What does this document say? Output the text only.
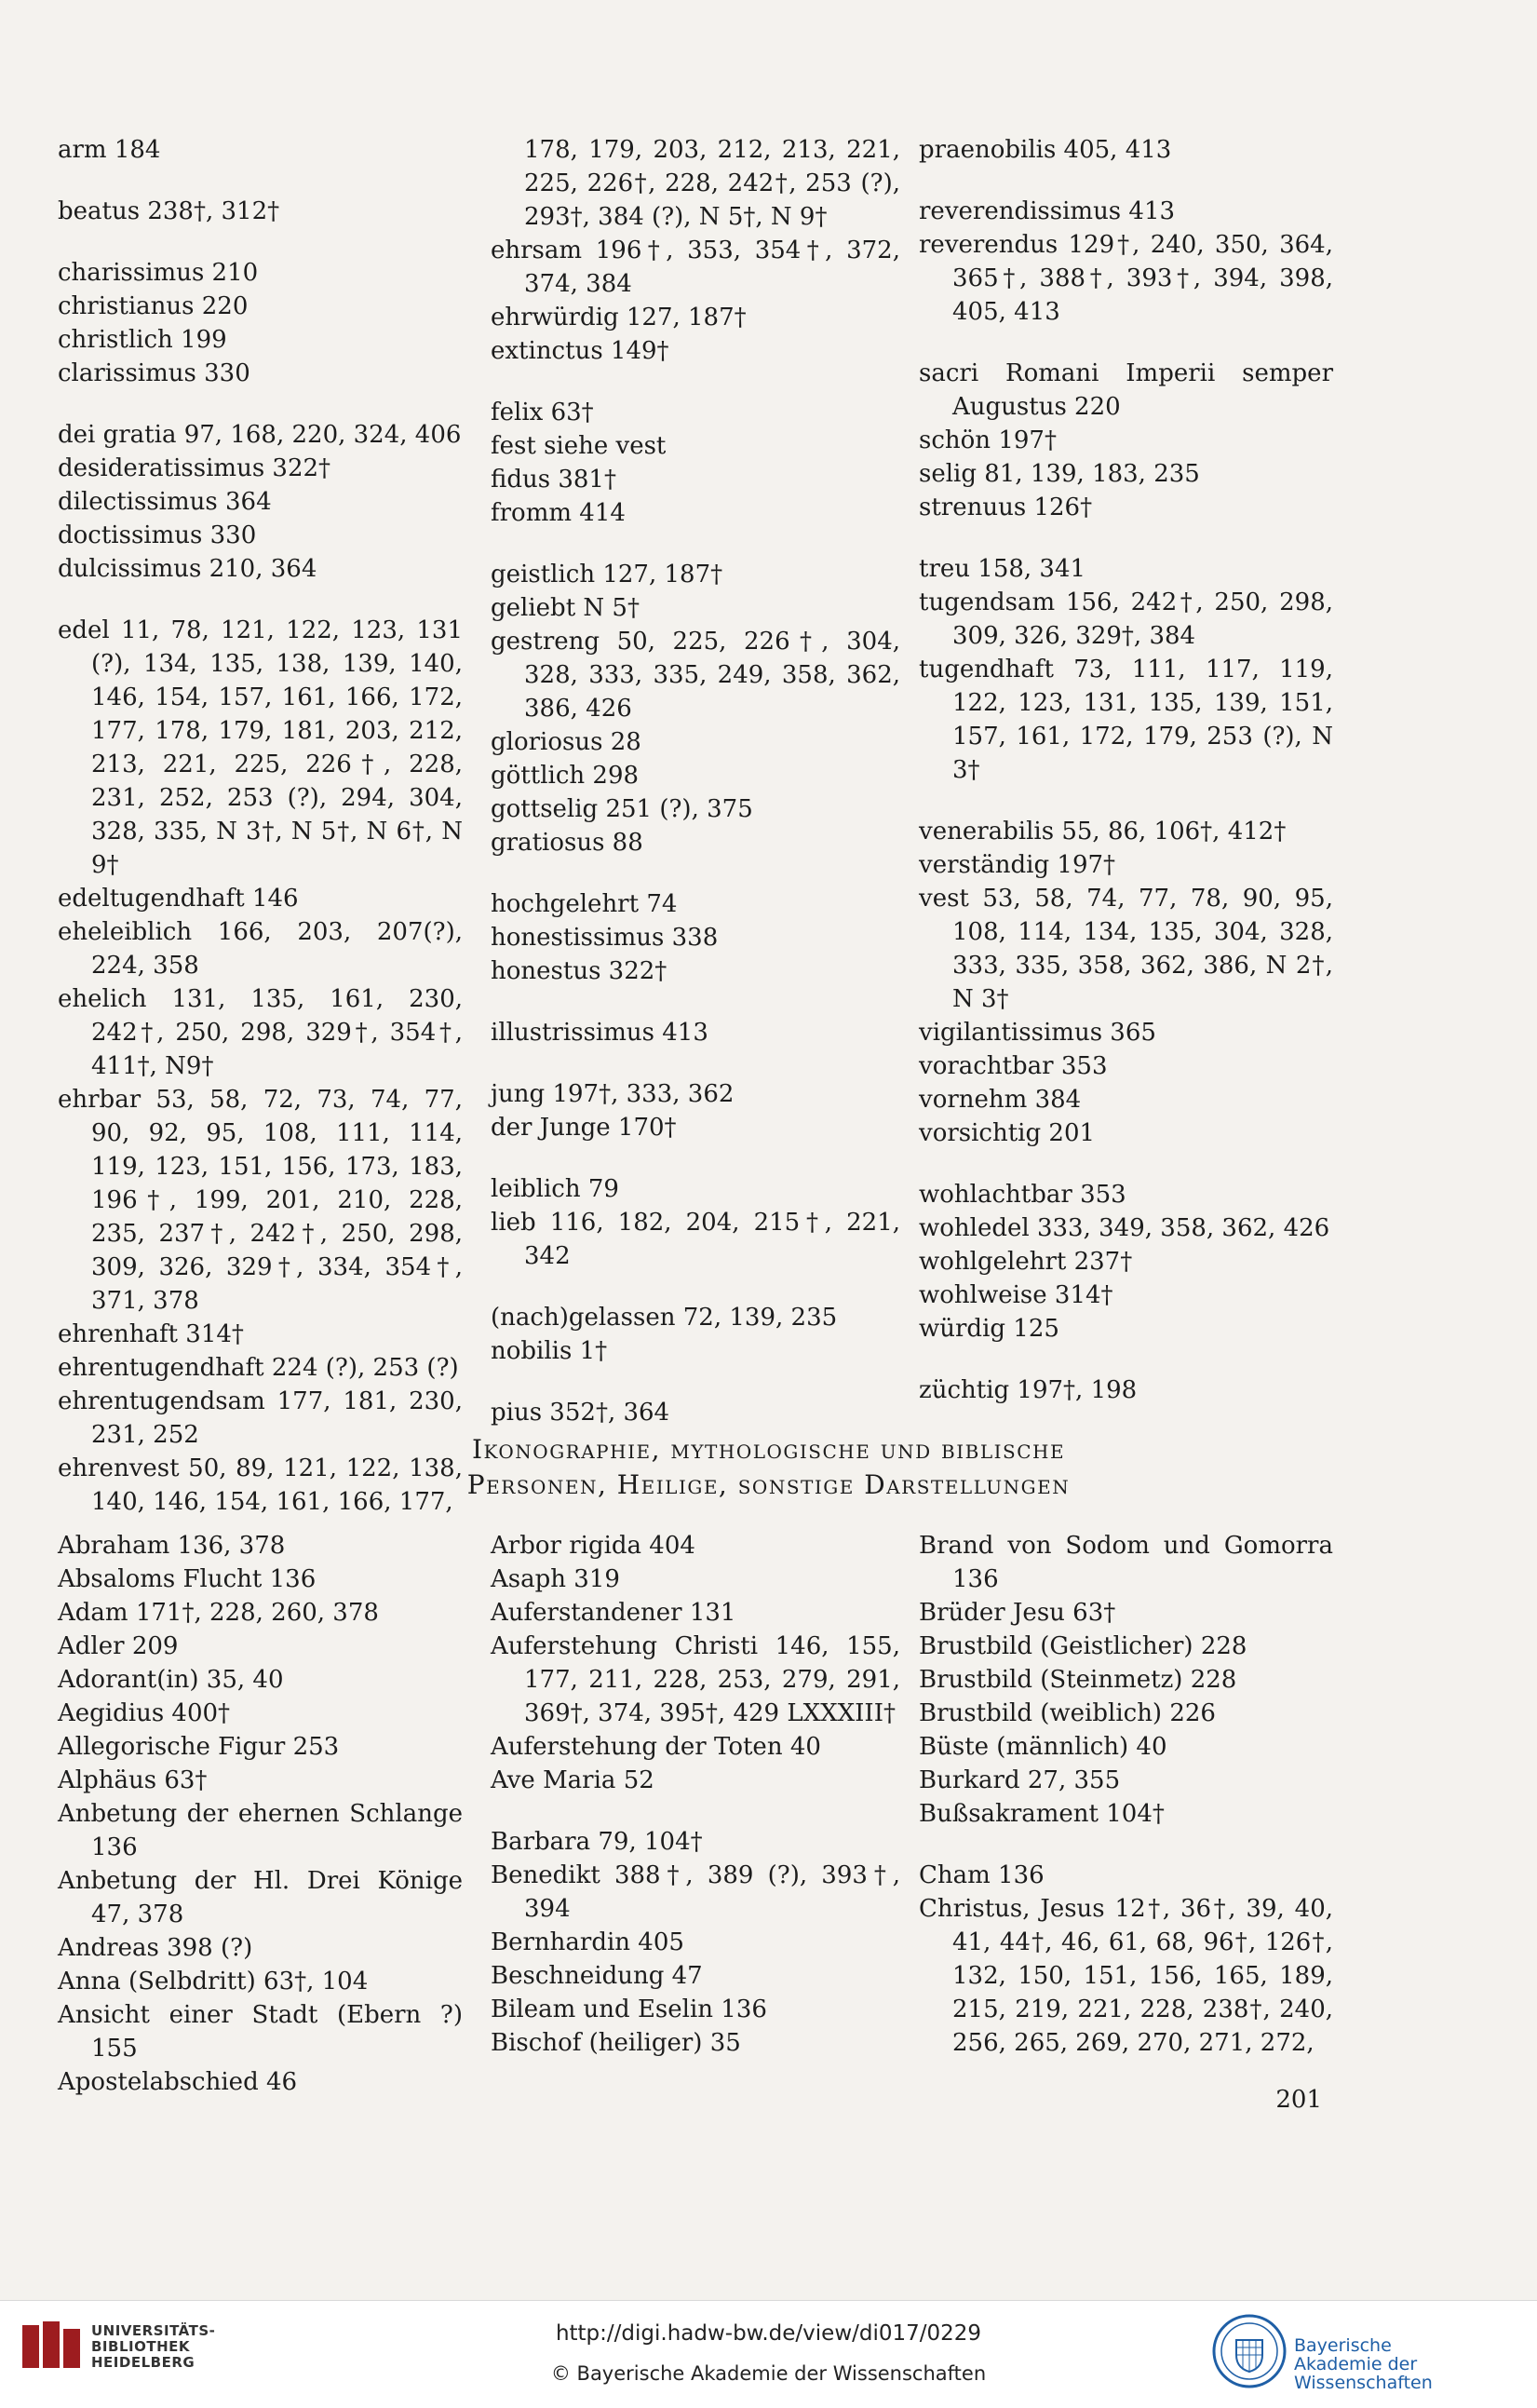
arm 184
beatus 238†, 312†
charissimus 210
christianus 220
christlich 199
clarissimus 330
dei gratia 97, 168, 220, 324, 406
desideratissimus 322†
dilectissimus 364
doctissimus 330
dulcissimus 210, 364
edel 11, 78, 121, 122, 123, 131 (?), 134, 135, 138, 139, 140, 146, 154, 157, 161, 166, 172, 177, 178, 179, 181, 203, 212, 213, 221, 225, 226†, 228, 231, 252, 253 (?), 294, 304, 328, 335, N 3†, N 5†, N 6†, N 9†
edeltugendhaft 146
eheleiblich 166, 203, 207(?), 224, 358
ehelich 131, 135, 161, 230, 242†, 250, 298, 329†, 354†, 411†, N9†
ehrbar 53, 58, 72, 73, 74, 77, 90, 92, 95, 108, 111, 114, 119, 123, 151, 156, 173, 183, 196†, 199, 201, 210, 228, 235, 237†, 242†, 250, 298, 309, 326, 329†, 334, 354†, 371, 378
ehrenhaft 314†
ehrentugendhaft 224 (?), 253 (?)
ehrentugendsam 177, 181, 230, 231, 252
ehrenvest 50, 89, 121, 122, 138, 140, 146, 154, 161, 166, 177,
178, 179, 203, 212, 213, 221, 225, 226†, 228, 242†, 253 (?), 293†, 384 (?), N 5†, N 9†
ehrsam 196†, 353, 354†, 372, 374, 384
ehrwürdig 127, 187†
extinctus 149†
felix 63†
fest siehe vest
fidus 381†
fromm 414
geistlich 127, 187†
geliebt N 5†
gestreng 50, 225, 226†, 304, 328, 333, 335, 249, 358, 362, 386, 426
gloriosus 28
göttlich 298
gottselig 251 (?), 375
gratiosus 88
hochgelehrt 74
honestissimus 338
honestus 322†
illustrissimus 413
jung 197†, 333, 362
der Junge 170†
leiblich 79
lieb 116, 182, 204, 215†, 221, 342
(nach)gelassen 72, 139, 235
nobilis 1†
pius 352†, 364
praenobilis 405, 413
reverendissimus 413
reverendus 129†, 240, 350, 364, 365†, 388†, 393†, 394, 398, 405, 413
sacri Romani Imperii semper Augustus 220
schön 197†
selig 81, 139, 183, 235
strenuus 126†
treu 158, 341
tugendsam 156, 242†, 250, 298, 309, 326, 329†, 384
tugendhaft 73, 111, 117, 119, 122, 123, 131, 135, 139, 151, 157, 161, 172, 179, 253 (?), N 3†
venerabilis 55, 86, 106†, 412†
verständig 197†
vest 53, 58, 74, 77, 78, 90, 95, 108, 114, 134, 135, 304, 328, 333, 335, 358, 362, 386, N 2†, N 3†
vigilantissimus 365
vorachtbar 353
vornehm 384
vorsichtig 201
wohlachtbar 353
wohledel 333, 349, 358, 362, 426
wohlgelehrt 237†
wohlweise 314†
würdig 125
züchtig 197†, 198
Ikonographie, mythologische und biblische
Personen, Heilige, sonstige Darstellungen
Abraham 136, 378
Absaloms Flucht 136
Adam 171†, 228, 260, 378
Adler 209
Adorant(in) 35, 40
Aegidius 400†
Allegorische Figur 253
Alphäus 63†
Anbetung der ehernen Schlange 136
Anbetung der Hl. Drei Könige 47, 378
Andreas 398 (?)
Anna (Selbdritt) 63†, 104
Ansicht einer Stadt (Ebern ?) 155
Apostelabschied 46
Arbor rigida 404
Asaph 319
Auferstandener 131
Auferstehung Christi 146, 155, 177, 211, 228, 253, 279, 291, 369†, 374, 395†, 429 LXXXIII†
Auferstehung der Toten 40
Ave Maria 52
Barbara 79, 104†
Benedikt 388†, 389 (?), 393†, 394
Bernhardin 405
Beschneidung 47
Bileam und Eselin 136
Bischof (heiliger) 35
Brand von Sodom und Gomorra 136
Brüder Jesu 63†
Brustbild (Geistlicher) 228
Brustbild (Steinmetz) 228
Brustbild (weiblich) 226
Büste (männlich) 40
Burkard 27, 355
Bußsakrament 104†
Cham 136
Christus, Jesus 12†, 36†, 39, 40, 41, 44†, 46, 61, 68, 96†, 126†, 132, 150, 151, 156, 165, 189, 215, 219, 221, 228, 238†, 240, 256, 265, 269, 270, 271, 272,
201
UNIVERSITÄTS-
BIBLIOTHEK
HEIDELBERG
http://digi.hadw-bw.de/view/di017/0229
© Bayerische Akademie der Wissenschaften
Bayerische
Akademie der Wissenschaften
